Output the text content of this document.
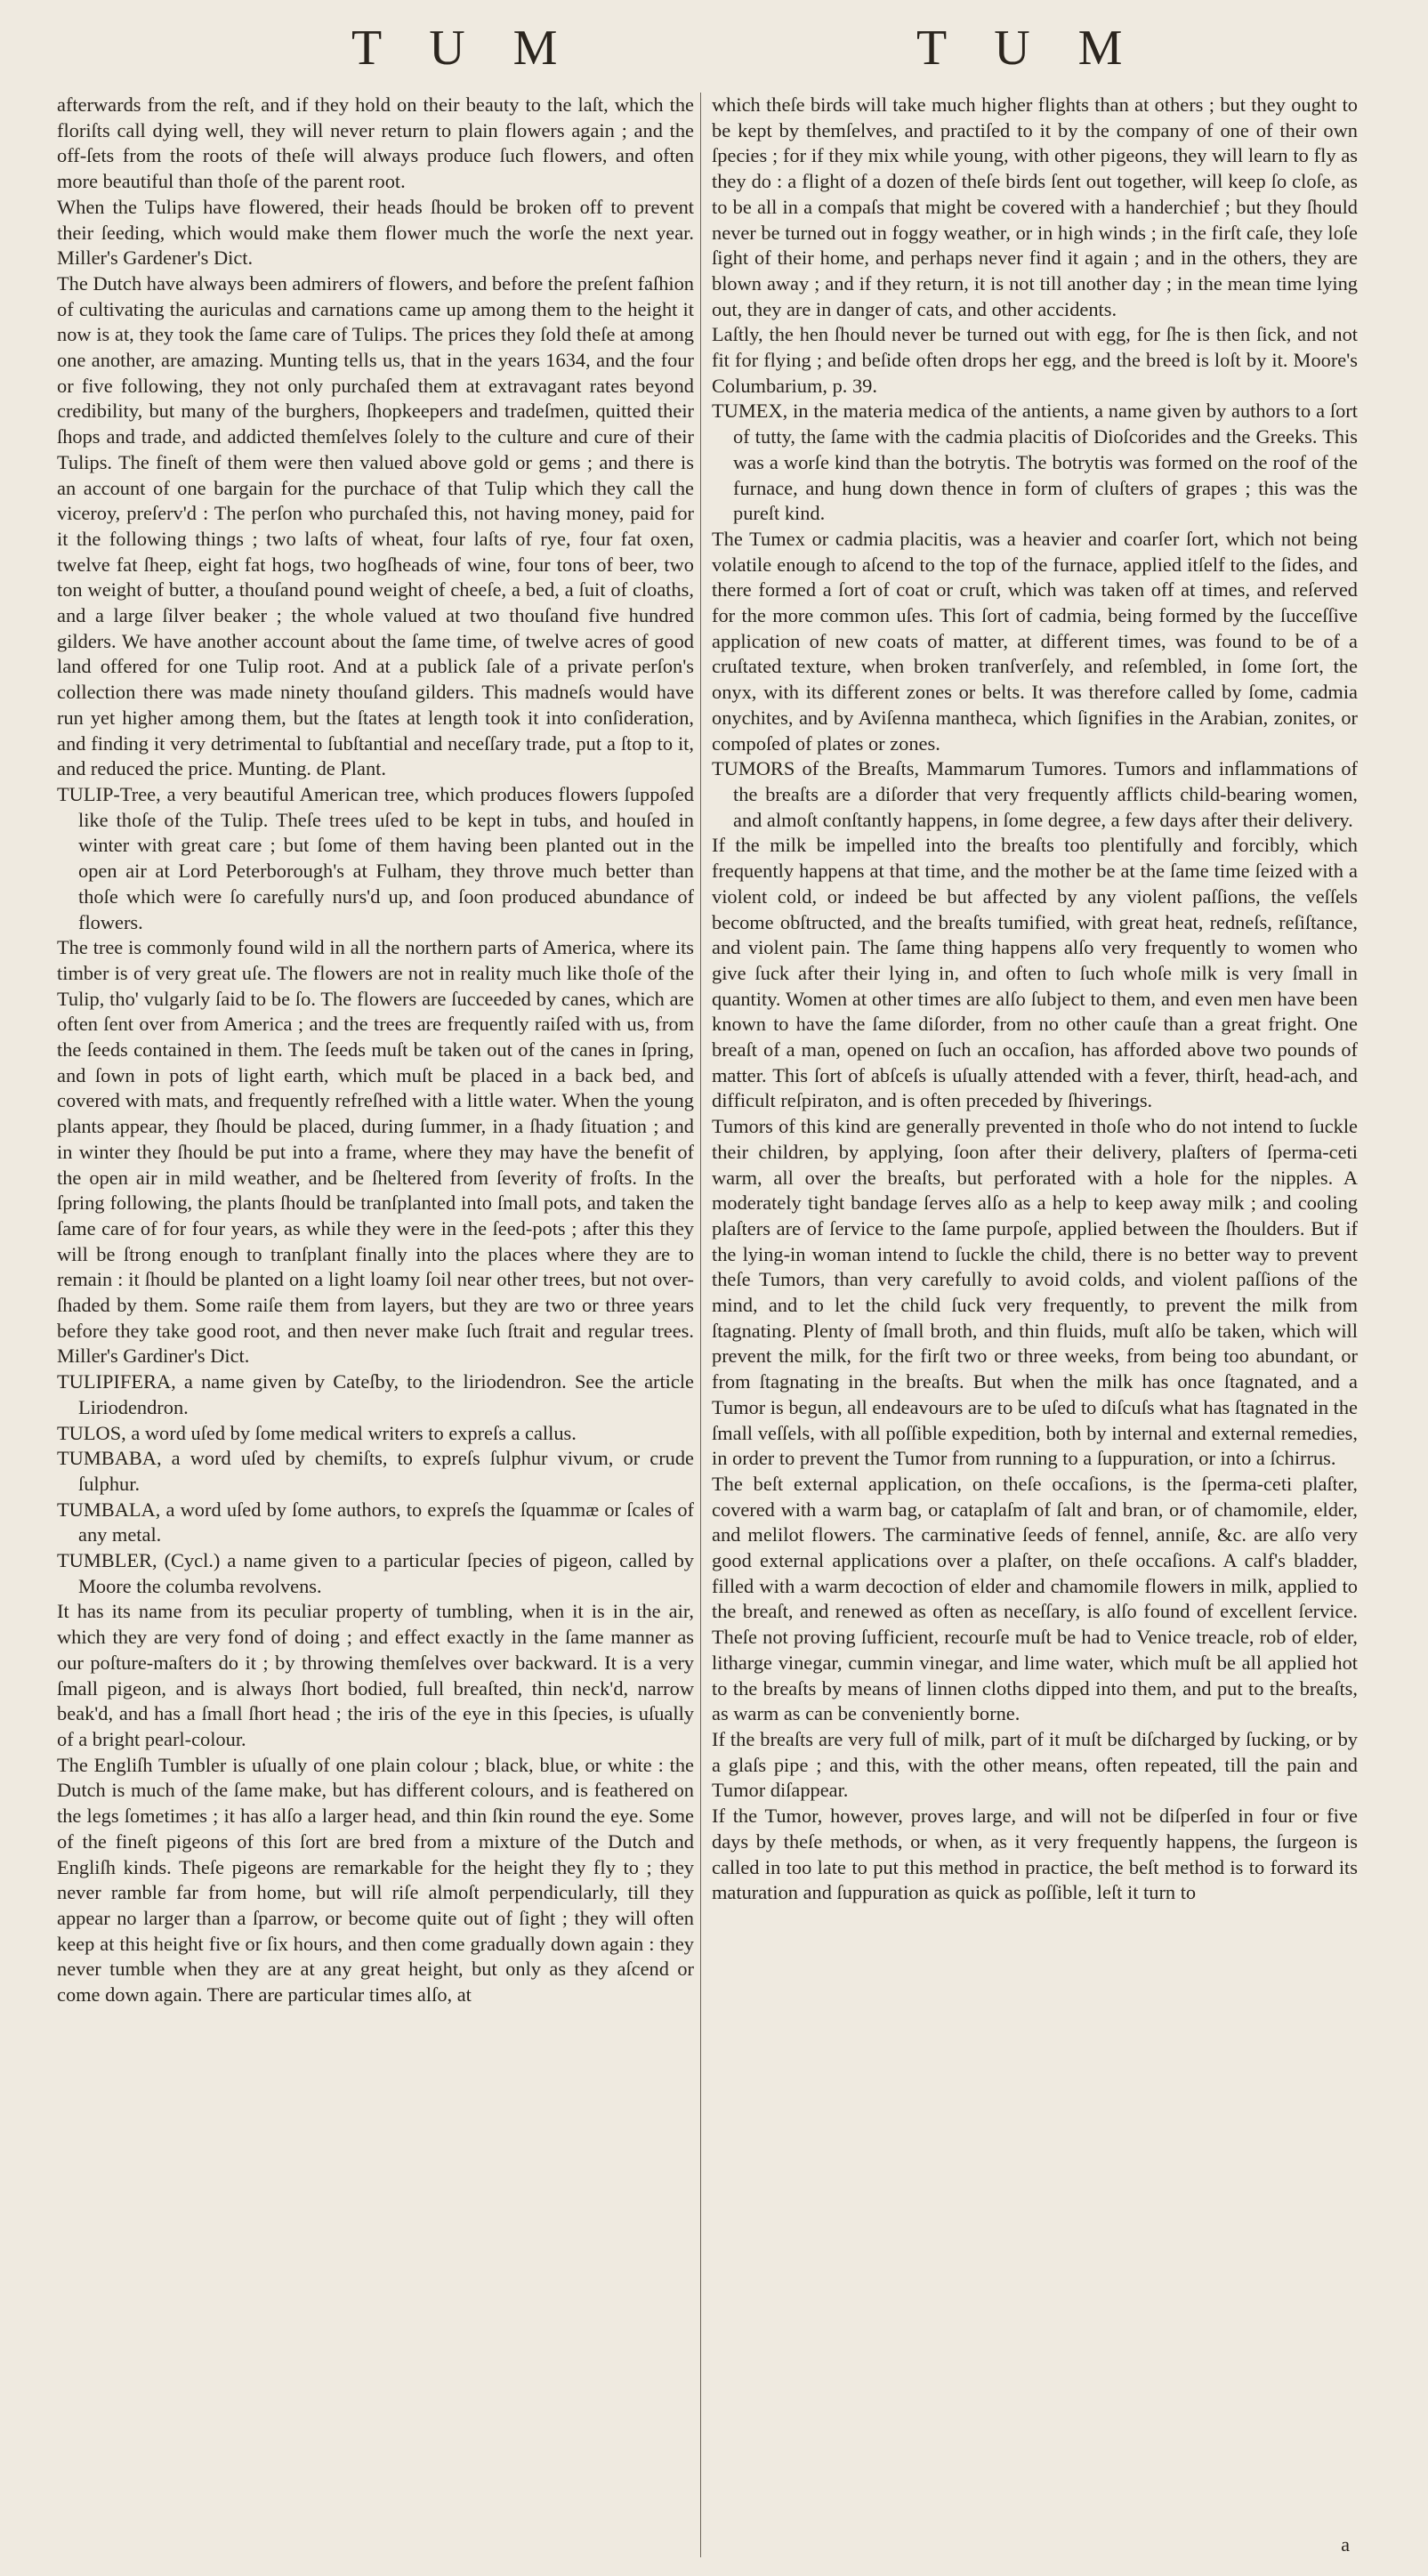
T U M	T U M

afterwards from the reſt, and if they hold on their beauty to the laſt, which the floriſts call dying well, they will never return to plain flowers again ; and the off-ſets from the roots of theſe will always produce ſuch flowers, and often more beautiful than thoſe of the parent root.

When the Tulips have flowered, their heads ſhould be broken off to prevent their ſeeding, which would make them flower much the worſe the next year. Miller's Gardener's Dict.

The Dutch have always been admirers of flowers, and before the preſent faſhion of cultivating the auriculas and carnations came up among them to the height it now is at, they took the ſame care of Tulips. The prices they ſold theſe at among one another, are amazing. Munting tells us, that in the years 1634, and the four or five following, they not only purchaſed them at extravagant rates beyond credibility, but many of the burghers, ſhopkeepers and tradeſmen, quitted their ſhops and trade, and addicted themſelves ſolely to the culture and cure of their Tulips. The fineſt of them were then valued above gold or gems ; and there is an account of one bargain for the purchace of that Tulip which they call the viceroy, preſerv'd : The perſon who purchaſed this, not having money, paid for it the following things ; two laſts of wheat, four laſts of rye, four fat oxen, twelve fat ſheep, eight fat hogs, two hogſheads of wine, four tons of beer, two ton weight of butter, a thouſand pound weight of cheeſe, a bed, a ſuit of cloaths, and a large ſilver beaker ; the whole valued at two thouſand five hundred gilders. We have another account about the ſame time, of twelve acres of good land offered for one Tulip root. And at a publick ſale of a private perſon's collection there was made ninety thouſand gilders. This madneſs would have run yet higher among them, but the ſtates at length took it into conſideration, and finding it very detrimental to ſubſtantial and neceſſary trade, put a ſtop to it, and reduced the price. Munting. de Plant.

TULIP-Tree, a very beautiful American tree, which produces flowers ſuppoſed like thoſe of the Tulip. Theſe trees uſed to be kept in tubs, and houſed in winter with great care ; but ſome of them having been planted out in the open air at Lord Peterborough's at Fulham, they throve much better than thoſe which were ſo carefully nurs'd up, and ſoon produced abundance of flowers.

The tree is commonly found wild in all the northern parts of America, where its timber is of very great uſe. The flowers are not in reality much like thoſe of the Tulip, tho' vulgarly ſaid to be ſo. The flowers are ſucceeded by canes, which are often ſent over from America ; and the trees are frequently raiſed with us, from the ſeeds contained in them. The ſeeds muſt be taken out of the canes in ſpring, and ſown in pots of light earth, which muſt be placed in a back bed, and covered with mats, and frequently refreſhed with a little water. When the young plants appear, they ſhould be placed, during ſummer, in a ſhady ſituation ; and in winter they ſhould be put into a frame, where they may have the benefit of the open air in mild weather, and be ſheltered from ſeverity of froſts. In the ſpring following, the plants ſhould be tranſplanted into ſmall pots, and taken the ſame care of for four years, as while they were in the ſeed-pots ; after this they will be ſtrong enough to tranſplant finally into the places where they are to remain : it ſhould be planted on a light loamy ſoil near other trees, but not over-ſhaded by them. Some raiſe them from layers, but they are two or three years before they take good root, and then never make ſuch ſtrait and regular trees. Miller's Gardiner's Dict.

TULIPIFERA, a name given by Cateſby, to the liriodendron. See the article Liriodendron.

TULOS, a word uſed by ſome medical writers to expreſs a callus.

TUMBABA, a word uſed by chemiſts, to expreſs ſulphur vivum, or crude ſulphur.

TUMBALA, a word uſed by ſome authors, to expreſs the ſquammæ or ſcales of any metal.

TUMBLER, (Cycl.) a name given to a particular ſpecies of pigeon, called by Moore the columba revolvens.

It has its name from its peculiar property of tumbling, when it is in the air, which they are very fond of doing ; and effect exactly in the ſame manner as our poſture-maſters do it ; by throwing themſelves over backward. It is a very ſmall pigeon, and is always ſhort bodied, full breaſted, thin neck'd, narrow beak'd, and has a ſmall ſhort head ; the iris of the eye in this ſpecies, is uſually of a bright pearl-colour.

The Engliſh Tumbler is uſually of one plain colour ; black, blue, or white : the Dutch is much of the ſame make, but has different colours, and is feathered on the legs ſometimes ; it has alſo a larger head, and thin ſkin round the eye. Some of the fineſt pigeons of this ſort are bred from a mixture of the Dutch and Engliſh kinds. Theſe pigeons are remarkable for the height they fly to ; they never ramble far from home, but will riſe almoſt perpendicularly, till they appear no larger than a ſparrow, or become quite out of ſight ; they will often keep at this height five or ſix hours, and then come gradually down again : they never tumble when they are at any great height, but only as they aſcend or come down again. There are particular times alſo, at

which theſe birds will take much higher flights than at others ; but they ought to be kept by themſelves, and practiſed to it by the company of one of their own ſpecies ; for if they mix while young, with other pigeons, they will learn to fly as they do : a flight of a dozen of theſe birds ſent out together, will keep ſo cloſe, as to be all in a compaſs that might be covered with a handerchief ; but they ſhould never be turned out in foggy weather, or in high winds ; in the firſt caſe, they loſe ſight of their home, and perhaps never find it again ; and in the others, they are blown away ; and if they return, it is not till another day ; in the mean time lying out, they are in danger of cats, and other accidents.

Laſtly, the hen ſhould never be turned out with egg, for ſhe is then ſick, and not fit for flying ; and beſide often drops her egg, and the breed is loſt by it. Moore's Columbarium, p. 39.

TUMEX, in the materia medica of the antients, a name given by authors to a ſort of tutty, the ſame with the cadmia placitis of Dioſcorides and the Greeks. This was a worſe kind than the botrytis. The botrytis was formed on the roof of the furnace, and hung down thence in form of cluſters of grapes ; this was the pureſt kind.

The Tumex or cadmia placitis, was a heavier and coarſer ſort, which not being volatile enough to aſcend to the top of the furnace, applied itſelf to the ſides, and there formed a ſort of coat or cruſt, which was taken off at times, and reſerved for the more common uſes. This ſort of cadmia, being formed by the ſucceſſive application of new coats of matter, at different times, was found to be of a cruſtated texture, when broken tranſverſely, and reſembled, in ſome ſort, the onyx, with its different zones or belts. It was therefore called by ſome, cadmia onychites, and by Aviſenna mantheca, which ſignifies in the Arabian, zonites, or compoſed of plates or zones.

TUMORS of the Breaſts, Mammarum Tumores. Tumors and inflammations of the breaſts are a diſorder that very frequently afflicts child-bearing women, and almoſt conſtantly happens, in ſome degree, a few days after their delivery.

If the milk be impelled into the breaſts too plentifully and forcibly, which frequently happens at that time, and the mother be at the ſame time ſeized with a violent cold, or indeed be but affected by any violent paſſions, the veſſels become obſtructed, and the breaſts tumified, with great heat, redneſs, reſiſtance, and violent pain. The ſame thing happens alſo very frequently to women who give ſuck after their lying in, and often to ſuch whoſe milk is very ſmall in quantity. Women at other times are alſo ſubject to them, and even men have been known to have the ſame diſorder, from no other cauſe than a great fright. One breaſt of a man, opened on ſuch an occaſion, has afforded above two pounds of matter. This ſort of abſceſs is uſually attended with a fever, thirſt, head-ach, and difficult reſpiraton, and is often preceded by ſhiverings.

Tumors of this kind are generally prevented in thoſe who do not intend to ſuckle their children, by applying, ſoon after their delivery, plaſters of ſperma-ceti warm, all over the breaſts, but perforated with a hole for the nipples. A moderately tight bandage ſerves alſo as a help to keep away milk ; and cooling plaſters are of ſervice to the ſame purpoſe, applied between the ſhoulders. But if the lying-in woman intend to ſuckle the child, there is no better way to prevent theſe Tumors, than very carefully to avoid colds, and violent paſſions of the mind, and to let the child ſuck very frequently, to prevent the milk from ſtagnating. Plenty of ſmall broth, and thin fluids, muſt alſo be taken, which will prevent the milk, for the firſt two or three weeks, from being too abundant, or from ſtagnating in the breaſts. But when the milk has once ſtagnated, and a Tumor is begun, all endeavours are to be uſed to diſcuſs what has ſtagnated in the ſmall veſſels, with all poſſible expedition, both by internal and external remedies, in order to prevent the Tumor from running to a ſuppuration, or into a ſchirrus.

The beſt external application, on theſe occaſions, is the ſperma-ceti plaſter, covered with a warm bag, or cataplaſm of ſalt and bran, or of chamomile, elder, and melilot flowers. The carminative ſeeds of fennel, anniſe, &c. are alſo very good external applications over a plaſter, on theſe occaſions. A calf's bladder, filled with a warm decoction of elder and chamomile flowers in milk, applied to the breaſt, and renewed as often as neceſſary, is alſo found of excellent ſervice. Theſe not proving ſufficient, recourſe muſt be had to Venice treacle, rob of elder, litharge vinegar, cummin vinegar, and lime water, which muſt be all applied hot to the breaſts by means of linnen cloths dipped into them, and put to the breaſts, as warm as can be conveniently borne.

If the breaſts are very full of milk, part of it muſt be diſcharged by ſucking, or by a glaſs pipe ; and this, with the other means, often repeated, till the pain and Tumor diſappear.

If the Tumor, however, proves large, and will not be diſperſed in four or five days by theſe methods, or when, as it very frequently happens, the ſurgeon is called in too late to put this method in practice, the beſt method is to forward its maturation and ſuppuration as quick as poſſible, leſt it turn to

a
